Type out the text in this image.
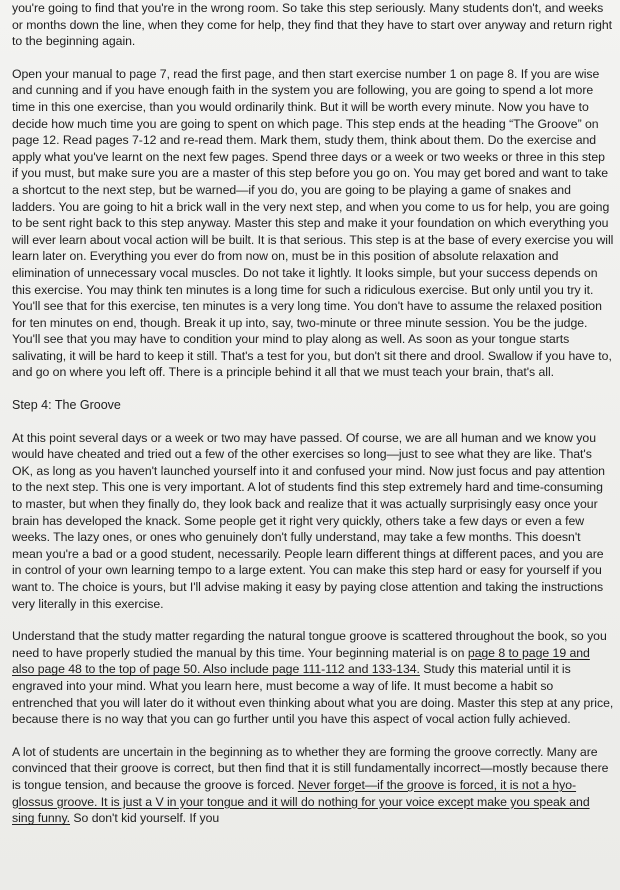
you're going to find that you're in the wrong room. So take this step seriously. Many students don't, and weeks or months down the line, when they come for help, they find that they have to start over anyway and return right to the beginning again.

Open your manual to page 7, read the first page, and then start exercise number 1 on page 8. If you are wise and cunning and if you have enough faith in the system you are following, you are going to spend a lot more time in this one exercise, than you would ordinarily think. But it will be worth every minute. Now you have to decide how much time you are going to spent on which page. This step ends at the heading “The Groove” on page 12. Read pages 7-12 and re-read them. Mark them, study them, think about them. Do the exercise and apply what you've learnt on the next few pages. Spend three days or a week or two weeks or three in this step if you must, but make sure you are a master of this step before you go on. You may get bored and want to take a shortcut to the next step, but be warned—if you do, you are going to be playing a game of snakes and ladders. You are going to hit a brick wall in the very next step, and when you come to us for help, you are going to be sent right back to this step anyway. Master this step and make it your foundation on which everything you will ever learn about vocal action will be built. It is that serious. This step is at the base of every exercise you will learn later on. Everything you ever do from now on, must be in this position of absolute relaxation and elimination of unnecessary vocal muscles. Do not take it lightly. It looks simple, but your success depends on this exercise. You may think ten minutes is a long time for such a ridiculous exercise. But only until you try it. You'll see that for this exercise, ten minutes is a very long time. You don't have to assume the relaxed position for ten minutes on end, though. Break it up into, say, two-minute or three minute session. You be the judge. You'll see that you may have to condition your mind to play along as well. As soon as your tongue starts salivating, it will be hard to keep it still. That's a test for you, but don't sit there and drool. Swallow if you have to, and go on where you left off. There is a principle behind it all that we must teach your brain, that's all.

Step 4: The Groove

At this point several days or a week or two may have passed. Of course, we are all human and we know you would have cheated and tried out a few of the other exercises so long—just to see what they are like. That's OK, as long as you haven't launched yourself into it and confused your mind. Now just focus and pay attention to the next step. This one is very important. A lot of students find this step extremely hard and time-consuming to master, but when they finally do, they look back and realize that it was actually surprisingly easy once your brain has developed the knack. Some people get it right very quickly, others take a few days or even a few weeks. The lazy ones, or ones who genuinely don't fully understand, may take a few months. This doesn't mean you're a bad or a good student, necessarily. People learn different things at different paces, and you are in control of your own learning tempo to a large extent. You can make this step hard or easy for yourself if you want to. The choice is yours, but I'll advise making it easy by paying close attention and taking the instructions very literally in this exercise.

Understand that the study matter regarding the natural tongue groove is scattered throughout the book, so you need to have properly studied the manual by this time. Your beginning material is on page 8 to page 19 and also page 48 to the top of page 50. Also include page 111-112 and 133-134. Study this material until it is engraved into your mind. What you learn here, must become a way of life. It must become a habit so entrenched that you will later do it without even thinking about what you are doing. Master this step at any price, because there is no way that you can go further until you have this aspect of vocal action fully achieved.

A lot of students are uncertain in the beginning as to whether they are forming the groove correctly. Many are convinced that their groove is correct, but then find that it is still fundamentally incorrect—mostly because there is tongue tension, and because the groove is forced. Never forget—if the groove is forced, it is not a hyo-glossus groove. It is just a V in your tongue and it will do nothing for your voice except make you speak and sing funny. So don't kid yourself. If you
